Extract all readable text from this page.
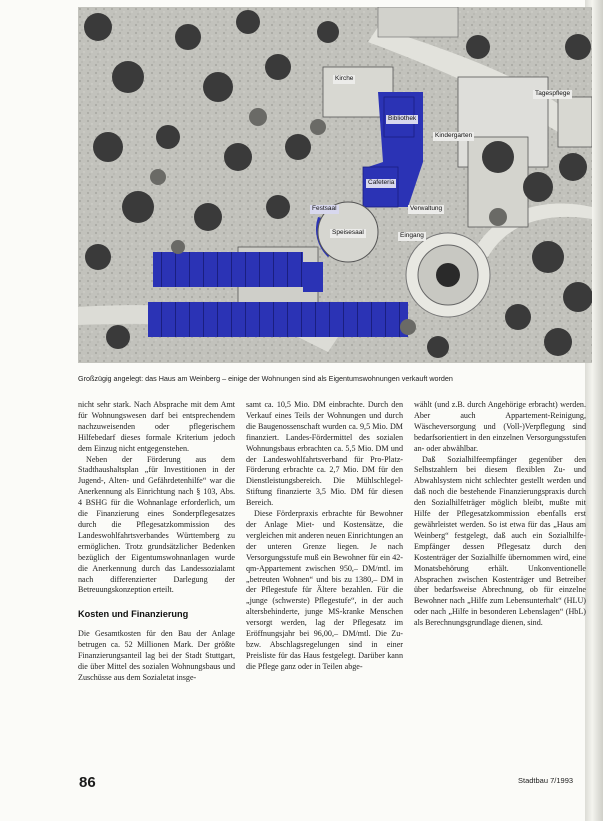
Kirche
Tagespflege
Bibliothek
Kindergarten
Cafeteria
Verwaltung
Festsaal
Speisesaal	Eingang
Großzügig angelegt: das Haus am Weinberg – einige der Wohnungen sind als Eigentumswohnungen verkauft worden

nicht sehr stark. Nach Absprache mit dem Amt für Wohnungswesen darf bei entsprechendem nachzuweisenden oder pflegerischem Hilfebedarf dieses formale Kriterium jedoch dem Einzug nicht entgegenstehen.

Neben der Förderung aus dem Stadthaushaltsplan „für Investitionen in der Jugend-, Alten- und Gefährdetenhilfe“ war die Anerkennung als Einrichtung nach § 103, Abs. 4 BSHG für die Wohnanlage erforderlich, um die Finanzierung eines Sonderpflegesatzes durch die Pflegesatzkommission des Landeswohlfahrtsverbandes Württemberg zu ermöglichen. Trotz grundsätzlicher Bedenken bezüglich der Eigentumswohnanlagen wurde die Anerkennung durch das Landessozialamt nach differenzierter Darlegung der Betreuungskonzeption erteilt.

Kosten und Finanzierung

Die Gesamtkosten für den Bau der Anlage betrugen ca. 52 Millionen Mark. Der größte Finanzierungsanteil lag bei der Stadt Stuttgart, die über Mittel des sozialen Wohnungsbaus und Zuschüsse aus dem Sozialetat insge-

samt ca. 10,5 Mio. DM einbrachte. Durch den Verkauf eines Teils der Wohnungen und durch die Baugenossenschaft wurden ca. 9,5 Mio. DM finanziert. Landes-Fördermittel des sozialen Wohnungsbaus erbrachten ca. 5,5 Mio. DM und der Landeswohlfahrtsverband für Pro-Platz-Förderung erbrachte ca. 2,7 Mio. DM für den Dienstleistungsbereich. Die Mühlschlegel-Stiftung finanzierte 3,5 Mio. DM für diesen Bereich.

Diese Förderpraxis erbrachte für Bewohner der Anlage Miet- und Kostensätze, die vergleichen mit anderen neuen Einrichtungen an der unteren Grenze liegen. Je nach Versorgungsstufe muß ein Bewohner für ein 42-qm-Appartement zwischen 950,– DM/mtl. im „betreuten Wohnen“ und bis zu 1380,– DM in der Pflegestufe für Ältere bezahlen. Für die „junge (schwerste) Pflegestufe“, in der auch altersbehinderte, junge MS-kranke Menschen versorgt werden, lag der Pflegesatz im Eröffnungsjahr bei 96,00,– DM/mtl. Die Zu- bzw. Abschlagsregelungen sind in einer Preisliste für das Haus festgelegt. Darüber kann die Pflege ganz oder in Teilen abge-

wählt (und z.B. durch Angehörige erbracht) werden. Aber auch Appartement-Reinigung, Wäscheversorgung und (Voll-)Verpflegung sind bedarfsorientiert in den einzelnen Versorgungsstufen an- oder abwählbar.

Daß Sozialhilfeempfänger gegenüber den Selbstzahlern bei diesem flexiblen Zu- und Abwahlsystem nicht schlechter gestellt werden und daß noch die bestehende Finanzierungspraxis durch den Sozialhilfeträger möglich bleibt, mußte mit Hilfe der Pflegesatzkommission ebenfalls erst gewährleistet werden. So ist etwa für das „Haus am Weinberg“ festgelegt, daß auch ein Sozialhilfe-Empfänger dessen Pflegesatz durch den Kostenträger der Sozialhilfe übernommen wird, eine Monatsbehörung erhält. Unkonventionelle Absprachen zwischen Kostenträger und Betreiber über bedarfsweise Abrechnung, ob für einzelne Bewohner nach „Hilfe zum Lebensunterhalt“ (HLU) oder nach „Hilfe in besonderen Lebenslagen“ (HbL) als Berechnungsgrundlage dienen, sind.

86	Stadtbau 7/1993
